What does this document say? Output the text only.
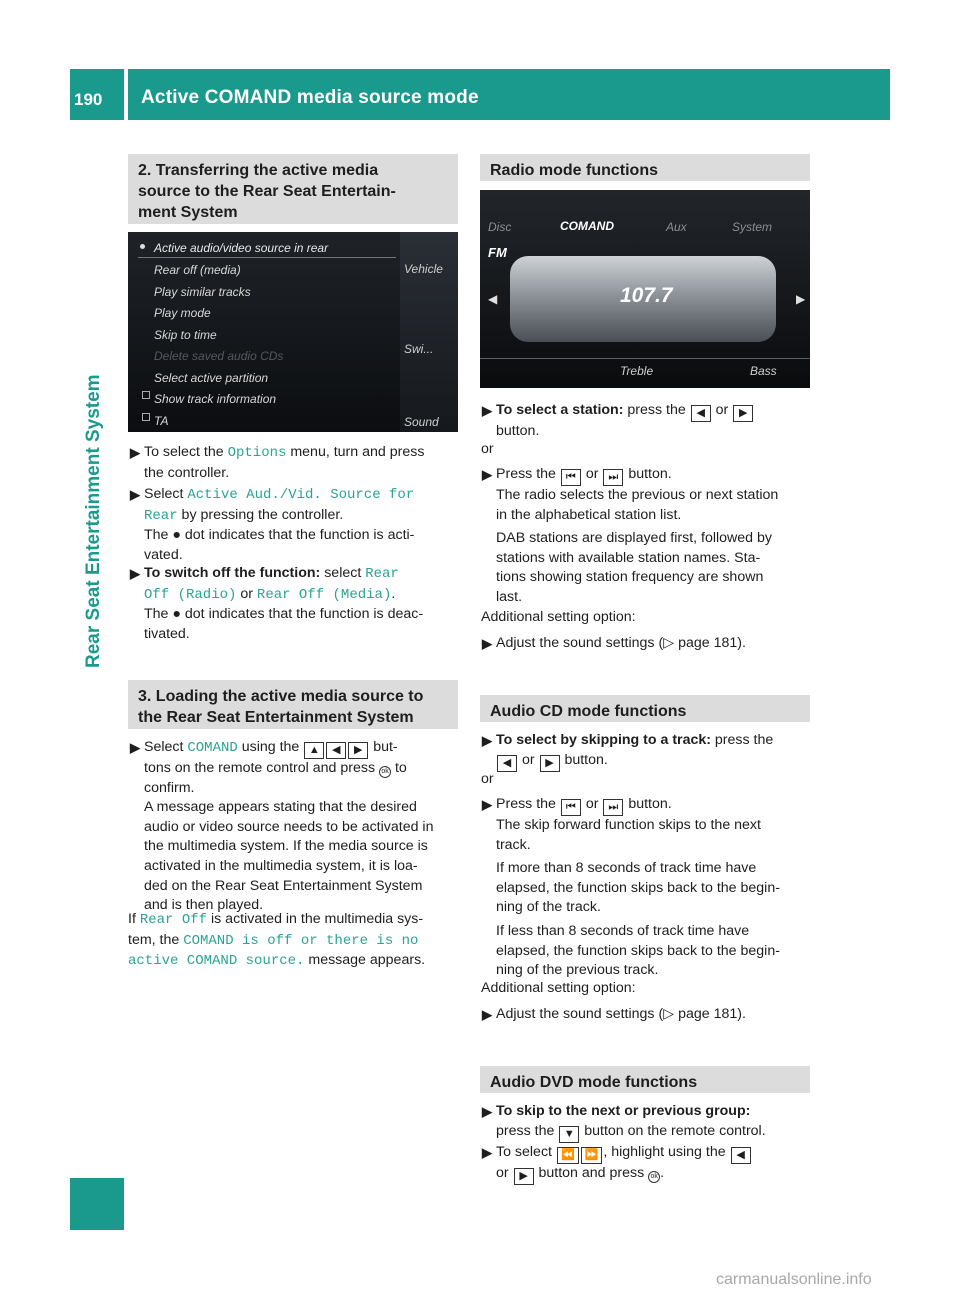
190	Active COMAND media source mode
Rear Seat Entertainment System
2. Transferring the active media
source to the Rear Seat Entertain-
ment System
Active audio/video source in rear
Rear off (media)
Play similar tracks
Play mode
Skip to time
Delete saved audio CDs
Select active partition
Show track information
TA
Vehicle
Swi...
Sound
▶ To select the Options menu, turn and press
the controller.
▶ Select Active Aud./Vid. Source for
Rear by pressing the controller.
The ● dot indicates that the function is acti-
vated.
▶ To switch off the function: select Rear
Off (Radio) or Rear Off (Media).
The ● dot indicates that the function is deac-
tivated.
3. Loading the active media source to
the Rear Seat Entertainment System
▶ Select COMAND using the ▲ ◀ ▶ but-
tons on the remote control and press ok to
confirm.
A message appears stating that the desired
audio or video source needs to be activated in
the multimedia system. If the media source is
activated in the multimedia system, it is loa-
ded on the Rear Seat Entertainment System
and is then played.
If Rear Off is activated in the multimedia sys-
tem, the COMAND is off or there is no
active COMAND source. message appears.
Radio mode functions
Disc	COMAND	Aux	System
FM
107.7
◀	▶
Treble	Bass
▶ To select a station: press the ◀ or ▶
button.
or
▶ Press the ⏮ or ⏭ button.
The radio selects the previous or next station
in the alphabetical station list.
DAB stations are displayed first, followed by
stations with available station names. Sta-
tions showing station frequency are shown
last.
Additional setting option:
▶ Adjust the sound settings (▷ page 181).
Audio CD mode functions
▶ To select by skipping to a track: press the
◀ or ▶ button.
or
▶ Press the ⏮ or ⏭ button.
The skip forward function skips to the next
track.
If more than 8 seconds of track time have
elapsed, the function skips back to the begin-
ning of the track.
If less than 8 seconds of track time have
elapsed, the function skips back to the begin-
ning of the previous track.
Additional setting option:
▶ Adjust the sound settings (▷ page 181).
Audio DVD mode functions
▶ To skip to the next or previous group:
press the ▼ button on the remote control.
▶ To select ⏪ ⏩ , highlight using the ◀
or ▶ button and press ok .
carmanualsonline.info
